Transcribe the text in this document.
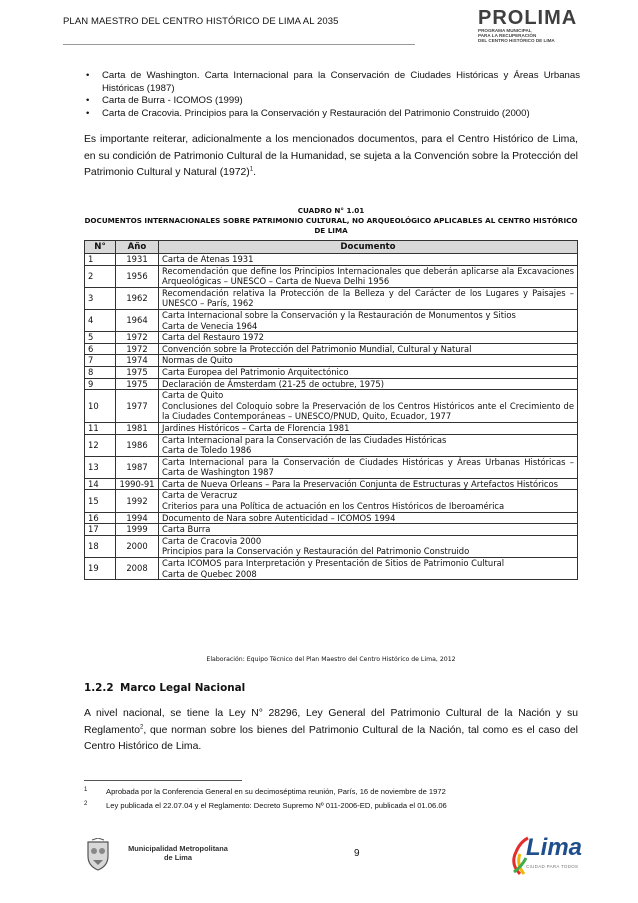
PLAN MAESTRO DEL CENTRO HISTÓRICO DE LIMA AL 2035	PROLIMA
PROGRAMA MUNICIPAL
PARA LA RECUPERACIÓN
DEL CENTRO HISTÓRICO DE LIMA
• Carta de Washington. Carta Internacional para la Conservación de Ciudades Históricas y Áreas Urbanas Históricas (1987)
• Carta de Burra - ICOMOS (1999)
• Carta de Cracovia. Principios para la Conservación y Restauración del Patrimonio Construido (2000)

Es importante reiterar, adicionalmente a los mencionados documentos, para el Centro Histórico de Lima, en su condición de Patrimonio Cultural de la Humanidad, se sujeta a la Convención sobre la Protección del Patrimonio Cultural y Natural $(1972)^1$.

CUADRO N° 1.01
DOCUMENTOS INTERNACIONALES SOBRE PATRIMONIO CULTURAL, NO ARQUEOLÓGICO APLICABLES AL CENTRO HISTÓRICO DE LIMA
N°	Año	Documento
1	1931	Carta de Atenas 1931

2	1956	Recomendación que define los Principios Internacionales que deberán aplicarse ala Excavaciones Arqueológicas – UNESCO – Carta de Nueva Delhi 1956

3	1962	Recomendación relativa la Protección de la Belleza y del Carácter de los Lugares y Paisajes – UNESCO – París, 1962

4	1964	Carta Internacional sobre la Conservación y la Restauración de Monumentos y Sitios
Carta de Venecia 1964

5	1972	Carta del Restauro 1972

6	1972	Convención sobre la Protección del Patrimonio Mundial, Cultural y Natural

7	1974	Normas de Quito

8	1975	Carta Europea del Patrimonio Arquitectónico

9	1975	Declaración de Ámsterdam (21-25 de octubre, 1975)

10	1977	Carta de Quito
Conclusiones del Coloquio sobre la Preservación de los Centros Históricos ante el Crecimiento de la Ciudades Contemporáneas – UNESCO/PNUD, Quito, Ecuador, 1977

11	1981	Jardines Históricos – Carta de Florencia 1981

12	1986	Carta Internacional para la Conservación de las Ciudades Históricas
Carta de Toledo 1986

13	1987	Carta Internacional para la Conservación de Ciudades Históricas y Áreas Urbanas Históricas – Carta de Washington 1987

14	1990-91	Carta de Nueva Orleans – Para la Preservación Conjunta de Estructuras y Artefactos Históricos

15	1992	Carta de Veracruz
Criterios para una Política de actuación en los Centros Históricos de Iberoamérica

16	1994	Documento de Nara sobre Autenticidad – ICOMOS 1994

17	1999	Carta Burra

18	2000	Carta de Cracovia 2000
Principios para la Conservación y Restauración del Patrimonio Construido

19	2008	Carta ICOMOS para Interpretación y Presentación de Sitios de Patrimonio Cultural
Carta de Quebec 2008
Elaboración: Equipo Técnico del Plan Maestro del Centro Histórico de Lima, 2012
1.2.2 Marco Legal Nacional

A nivel nacional, se tiene la Ley N° 28296, Ley General del Patrimonio Cultural de la Nación y su Reglamento$^2$, que norman sobre los bienes del Patrimonio Cultural de la Nación, tal como es el caso del Centro Histórico de Lima.

1 Aprobada por la Conferencia General en su decimoséptima reunión, París, 16 de noviembre de 1972
2 Ley publicada el 22.07.04 y el Reglamento: Decreto Supremo Nº 011-2006-ED, publicada el 01.06.06
Municipalidad Metropolitana
de Lima	9	Lima
CIUDAD PARA TODOS
